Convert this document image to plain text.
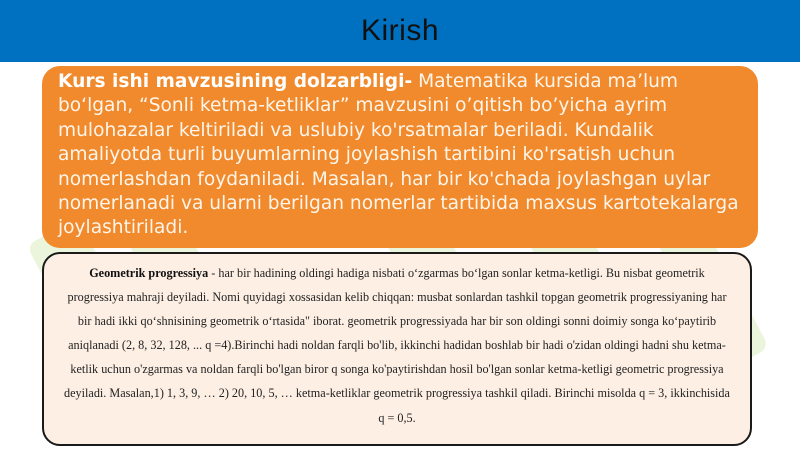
Kirish
Kurs ishi mavzusining dolzarbligi- Matematika kursida ma’lum bo‘lgan, “Sonli ketma-ketliklar” mavzusini o’qitish bo’yicha ayrim mulohazalar keltiriladi va uslubiy ko'rsatmalar beriladi. Kundalik amaliyotda turli buyumlarning joylashish tartibini ko'rsatish uchun nomerlashdan foydaniladi. Masalan, har bir ko'chada joylashgan uylar nomerlanadi va ularni berilgan nomerlar tartibida maxsus kartotekalarga joylashtiriladi.
Geometrik progressiya - har bir hadining oldingi hadiga nisbati o‘zgarmas bo‘lgan sonlar ketma-ketligi. Bu nisbat geometrik progressiya mahraji deyiladi. Nomi quyidagi xossasidan kelib chiqqan: musbat sonlardan tashkil topgan geometrik progressiyaning har bir hadi ikki qo‘shnisining geometrik o‘rtasida" iborat. geometrik progressiyada har bir son oldingi sonni doimiy songa ko‘paytirib aniqlanadi (2, 8, 32, 128, ... q =4).Birinchi hadi noldan farqli bo'lib, ikkinchi hadidan boshlab bir hadi o'zidan oldingi hadni shu ketma-ketlik uchun o'zgarmas va noldan farqli bo'lgan biror q songa ko'paytirishdan hosil bo'lgan sonlar ketma-ketligi geometric progressiya deyiladi. Masalan,1) 1, 3, 9, … 2) 20, 10, 5, … ketma-ketliklar geometrik progressiya tashkil qiladi. Birinchi misolda q = 3, ikkinchisida q = 0,5.
